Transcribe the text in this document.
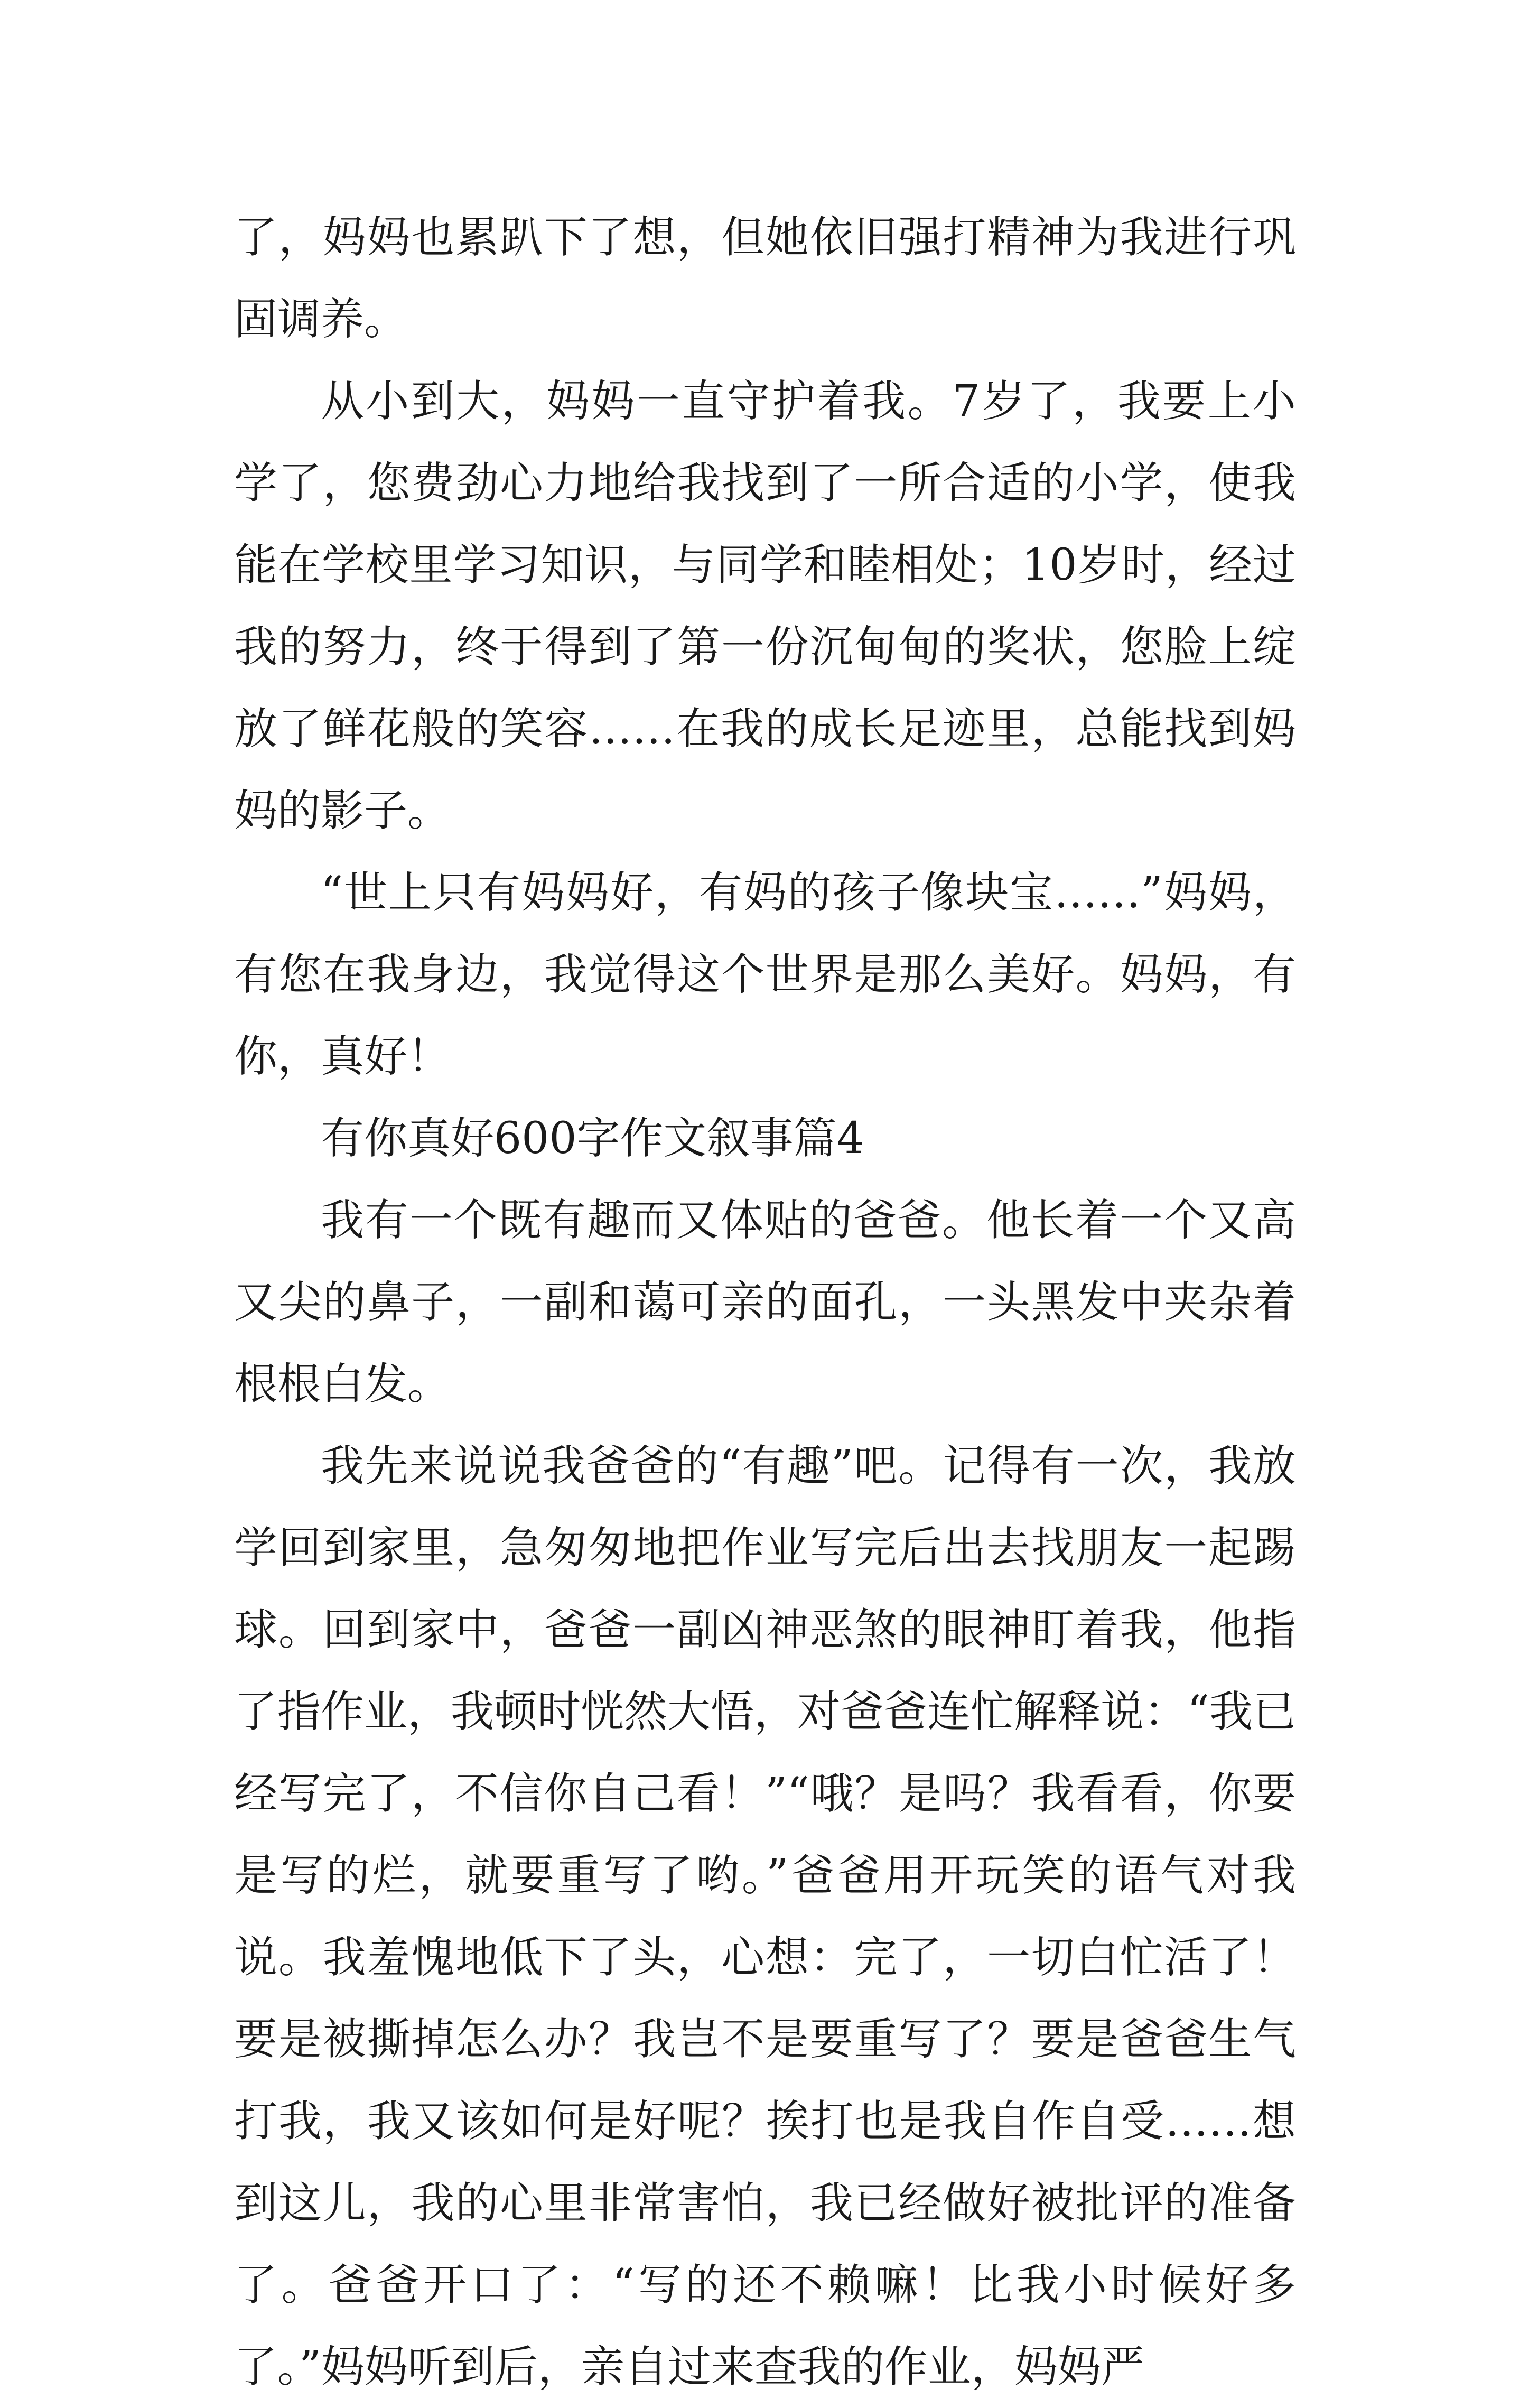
了，妈妈也累趴下了想，但她依旧强打精神为我进行巩固调养。

从小到大，妈妈一直守护着我。7岁了，我要上小学了，您费劲心力地给我找到了一所合适的小学，使我能在学校里学习知识，与同学和睦相处；10岁时，经过我的努力，终于得到了第一份沉甸甸的奖状，您脸上绽放了鲜花般的笑容……在我的成长足迹里，总能找到妈妈的影子。

“世上只有妈妈好，有妈的孩子像块宝……”妈妈，有您在我身边，我觉得这个世界是那么美好。妈妈，有你，真好！

有你真好600字作文叙事篇4

我有一个既有趣而又体贴的爸爸。他长着一个又高又尖的鼻子，一副和蔼可亲的面孔，一头黑发中夹杂着根根白发。

我先来说说我爸爸的“有趣”吧。记得有一次，我放学回到家里，急匆匆地把作业写完后出去找朋友一起踢球。回到家中，爸爸一副凶神恶煞的眼神盯着我，他指了指作业，我顿时恍然大悟，对爸爸连忙解释说：“我已经写完了，不信你自己看！”“哦？是吗？我看看，你要是写的烂，就要重写了哟。”爸爸用开玩笑的语气对我说。我羞愧地低下了头，心想：完了，一切白忙活了！要是被撕掉怎么办？我岂不是要重写了？要是爸爸生气打我，我又该如何是好呢？挨打也是我自作自受……想到这儿，我的心里非常害怕，我已经做好被批评的准备了。爸爸开口了：“写的还不赖嘛！比我小时候好多了。”妈妈听到后，亲自过来查我的作业，妈妈严
